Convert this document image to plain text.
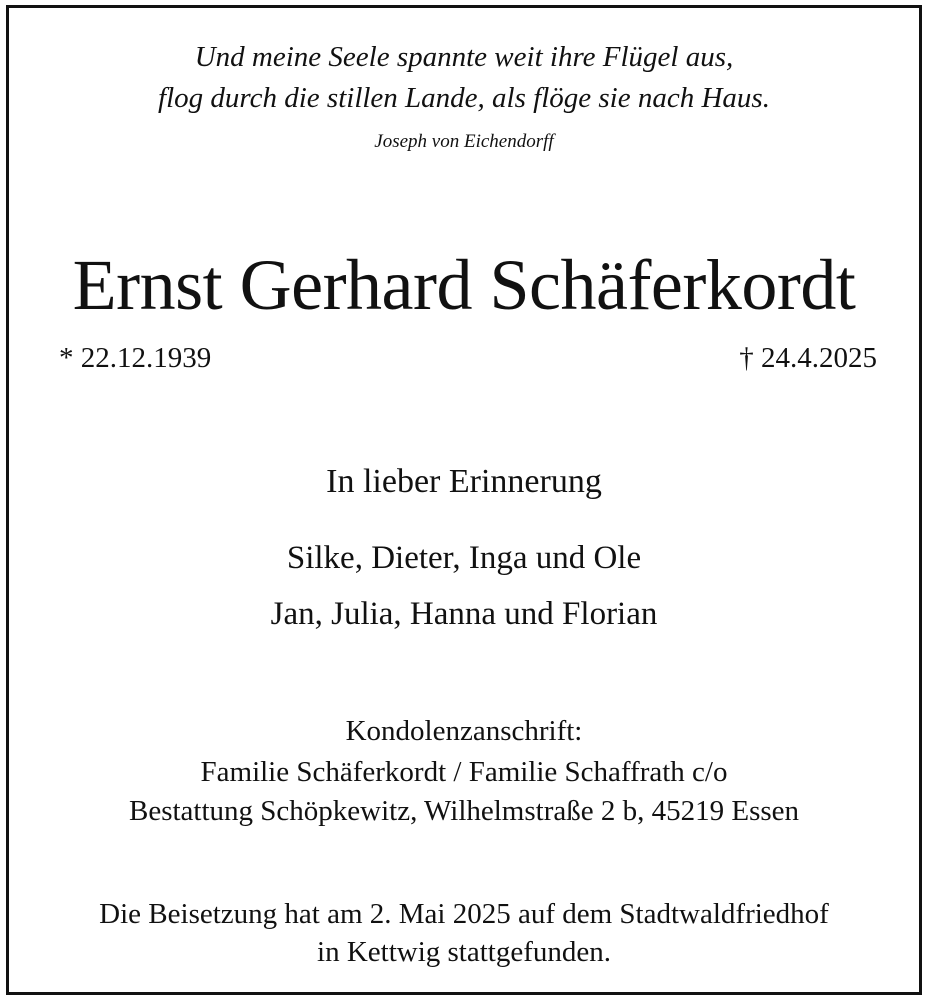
Und meine Seele spannte weit ihre Flügel aus,
flog durch die stillen Lande, als flöge sie nach Haus.
Joseph von Eichendorff
Ernst Gerhard Schäferkordt
* 22.12.1939	† 24.4.2025
In lieber Erinnerung
Silke, Dieter, Inga und Ole
Jan, Julia, Hanna und Florian
Kondolenzanschrift:
Familie Schäferkordt / Familie Schaffrath c/o
Bestattung Schöpkewitz, Wilhelmstraße 2 b, 45219 Essen
Die Beisetzung hat am 2. Mai 2025 auf dem Stadtwaldfriedhof
in Kettwig stattgefunden.
